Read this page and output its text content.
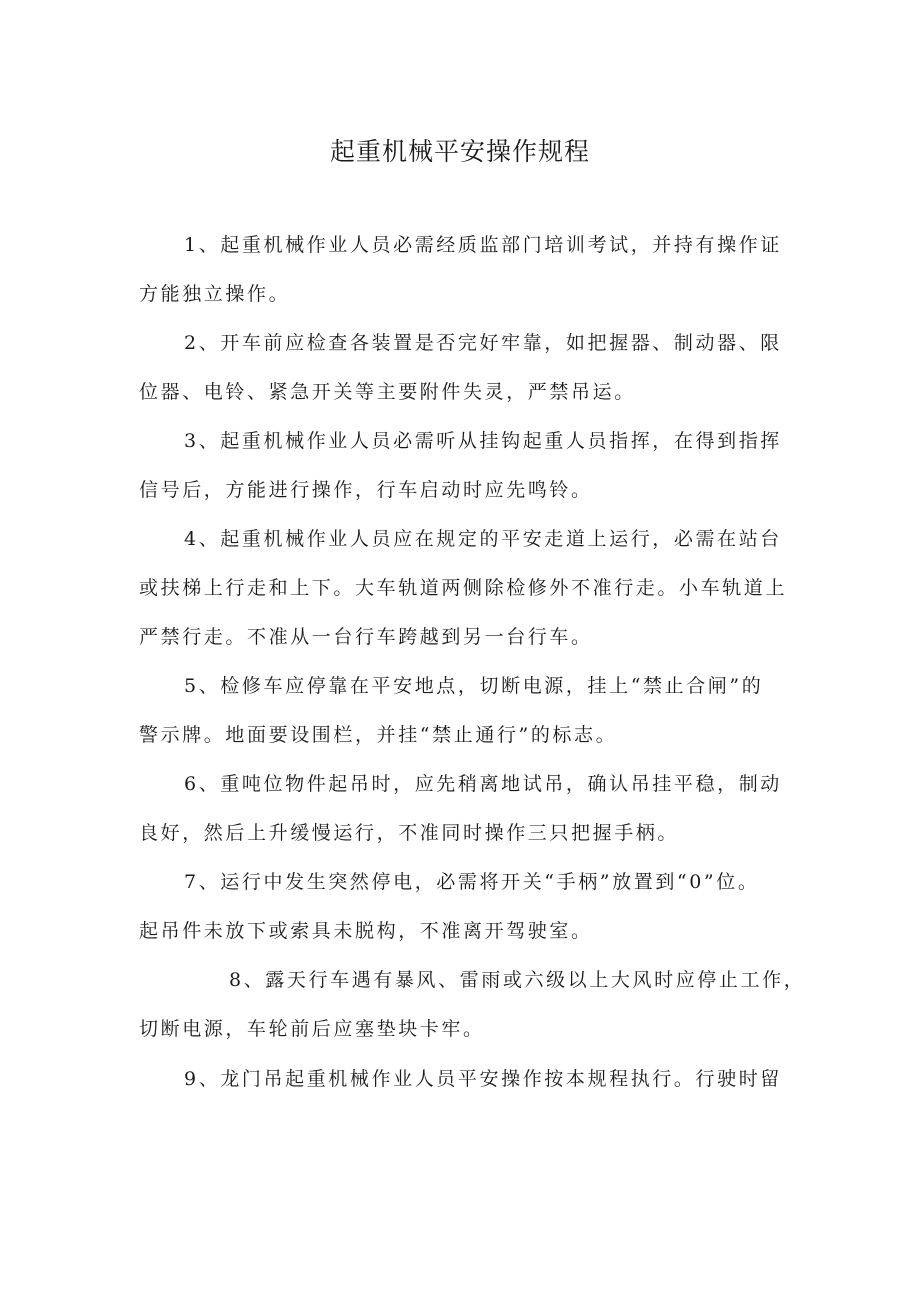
起重机械平安操作规程
1、起重机械作业人员必需经质监部门培训考试，并持有操作证
方能独立操作。
2、开车前应检查各装置是否完好牢靠，如把握器、制动器、限
位器、电铃、紧急开关等主要附件失灵，严禁吊运。
3、起重机械作业人员必需听从挂钩起重人员指挥，在得到指挥
信号后，方能进行操作，行车启动时应先鸣铃。
4、起重机械作业人员应在规定的平安走道上运行，必需在站台
或扶梯上行走和上下。大车轨道两侧除检修外不准行走。小车轨道上
严禁行走。不准从一台行车跨越到另一台行车。
5、检修车应停靠在平安地点，切断电源，挂上“禁止合闸”的
警示牌。地面要设围栏，并挂“禁止通行”的标志。
6、重吨位物件起吊时，应先稍离地试吊，确认吊挂平稳，制动
良好，然后上升缓慢运行，不准同时操作三只把握手柄。
7、运行中发生突然停电，必需将开关“手柄”放置到“0”位。
起吊件未放下或索具未脱构，不准离开驾驶室。
8、露天行车遇有暴风、雷雨或六级以上大风时应停止工作，
切断电源，车轮前后应塞垫块卡牢。
9、龙门吊起重机械作业人员平安操作按本规程执行。行驶时留
